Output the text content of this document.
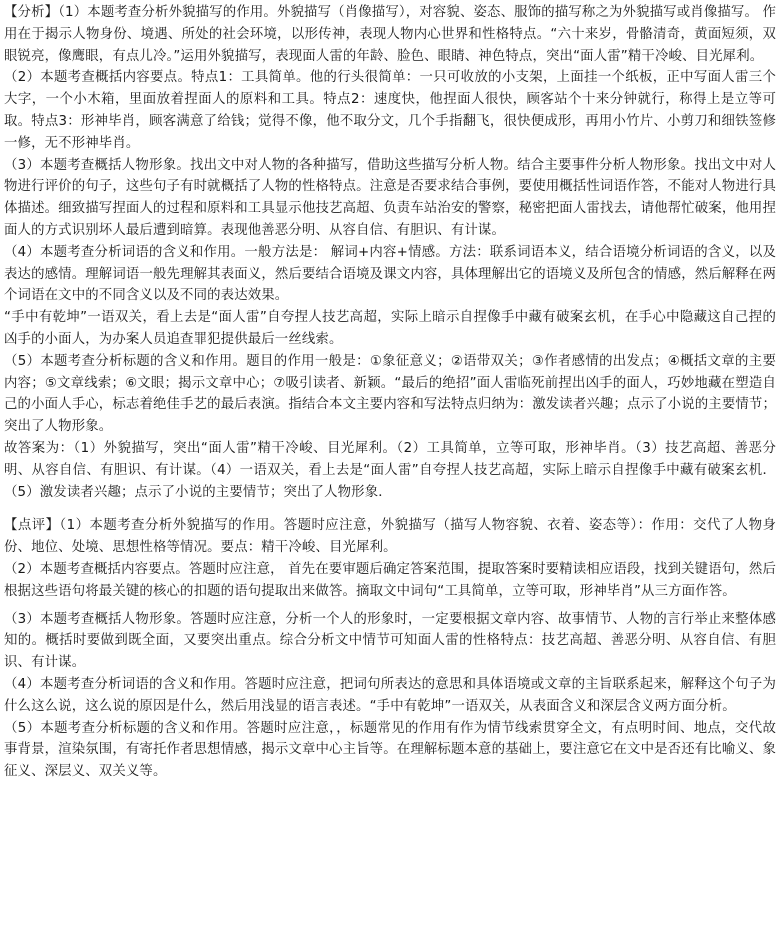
【分析】（1）本题考查分析外貌描写的作用。外貌描写（肖像描写），对容貌、姿态、服饰的描写称之为外貌描写或肖像描写。 作用在于揭示人物身份、境遇、所处的社会环境，以形传神，表现人物内心世界和性格特点。“六十来岁，骨骼清奇，黄面短须，双眼锐亮，像鹰眼，有点儿冷。”运用外貌描写，表现面人雷的年龄、脸色、眼睛、神色特点，突出“面人雷”精干冷峻、目光犀利。

（2）本题考查概括内容要点。特点1：工具简单。他的行头很简单：一只可收放的小支架，上面挂一个纸板，正中写面人雷三个大字，一个小木箱，里面放着捏面人的原料和工具。特点2：速度快，他捏面人很快，顾客站个十来分钟就行，称得上是立等可取。特点3：形神毕肖，顾客满意了给钱；觉得不像，他不取分文，几个手指翻飞，很快便成形，再用小竹片、小剪刀和细铁签修一修，无不形神毕肖。

（3）本题考查概括人物形象。找出文中对人物的各种描写，借助这些描写分析人物。结合主要事件分析人物形象。找出文中对人物进行评价的句子，这些句子有时就概括了人物的性格特点。注意是否要求结合事例，要使用概括性词语作答，不能对人物进行具体描述。细致描写捏面人的过程和原料和工具显示他技艺高超、负责车站治安的警察，秘密把面人雷找去，请他帮忙破案，他用捏面人的方式识别坏人最后遭到暗算。表现他善恶分明、从容自信、有胆识、有计谋。

（4）本题考查分析词语的含义和作用。一般方法是： 解词+内容+情感。方法：联系词语本义，结合语境分析词语的含义，以及表达的感情。理解词语一般先理解其表面义，然后要结合语境及课文内容，具体理解出它的语境义及所包含的情感，然后解释在两个词语在文中的不同含义以及不同的表达效果。

“手中有乾坤”一语双关，看上去是“面人雷”自夸捏人技艺高超，实际上暗示自捏像手中藏有破案玄机，在手心中隐藏这自己捏的凶手的小面人，为办案人员追查罪犯提供最后一丝线索。

（5）本题考查分析标题的含义和作用。题目的作用一般是：①象征意义；②语带双关；③作者感情的出发点；④概括文章的主要内容；⑤文章线索；⑥文眼；揭示文章中心；⑦吸引读者、新颖。“最后的绝招”面人雷临死前捏出凶手的面人，巧妙地藏在塑造自己的小面人手心，标志着绝佳手艺的最后表演。指结合本文主要内容和写法特点归纳为：激发读者兴趣；点示了小说的主要情节；突出了人物形象。

故答案为：（1）外貌描写，突出“面人雷”精干冷峻、目光犀利。（2）工具简单，立等可取，形神毕肖。（3）技艺高超、善恶分明、从容自信、有胆识、有计谋。（4）一语双关，看上去是“面人雷”自夸捏人技艺高超，实际上暗示自捏像手中藏有破案玄机．（5）激发读者兴趣；点示了小说的主要情节；突出了人物形象．

【点评】（1）本题考查分析外貌描写的作用。答题时应注意，外貌描写（描写人物容貌、衣着、姿态等）：作用：交代了人物身份、地位、处境、思想性格等情况。要点：精干冷峻、目光犀利。

（2）本题考查概括内容要点。答题时应注意， 首先在要审题后确定答案范围，提取答案时要精读相应语段，找到关键语句，然后根据这些语句将最关键的核心的扣题的语句提取出来做答。摘取文中词句“工具简单，立等可取，形神毕肖”从三方面作答。

（3）本题考查概括人物形象。答题时应注意，分析一个人的形象时，一定要根据文章内容、故事情节、人物的言行举止来整体感知的。概括时要做到既全面，又要突出重点。综合分析文中情节可知面人雷的性格特点：技艺高超、善恶分明、从容自信、有胆识、有计谋。

（4）本题考查分析词语的含义和作用。答题时应注意，把词句所表达的意思和具体语境或文章的主旨联系起来，解释这个句子为什么这么说，这么说的原因是什么，然后用浅显的语言表述。“手中有乾坤”一语双关，从表面含义和深层含义两方面分析。

（5）本题考查分析标题的含义和作用。答题时应注意，，标题常见的作用有作为情节线索贯穿全文，有点明时间、地点，交代故事背景，渲染氛围，有寄托作者思想情感，揭示文章中心主旨等。在理解标题本意的基础上，要注意它在文中是否还有比喻义、象征义、深层义、双关义等。
